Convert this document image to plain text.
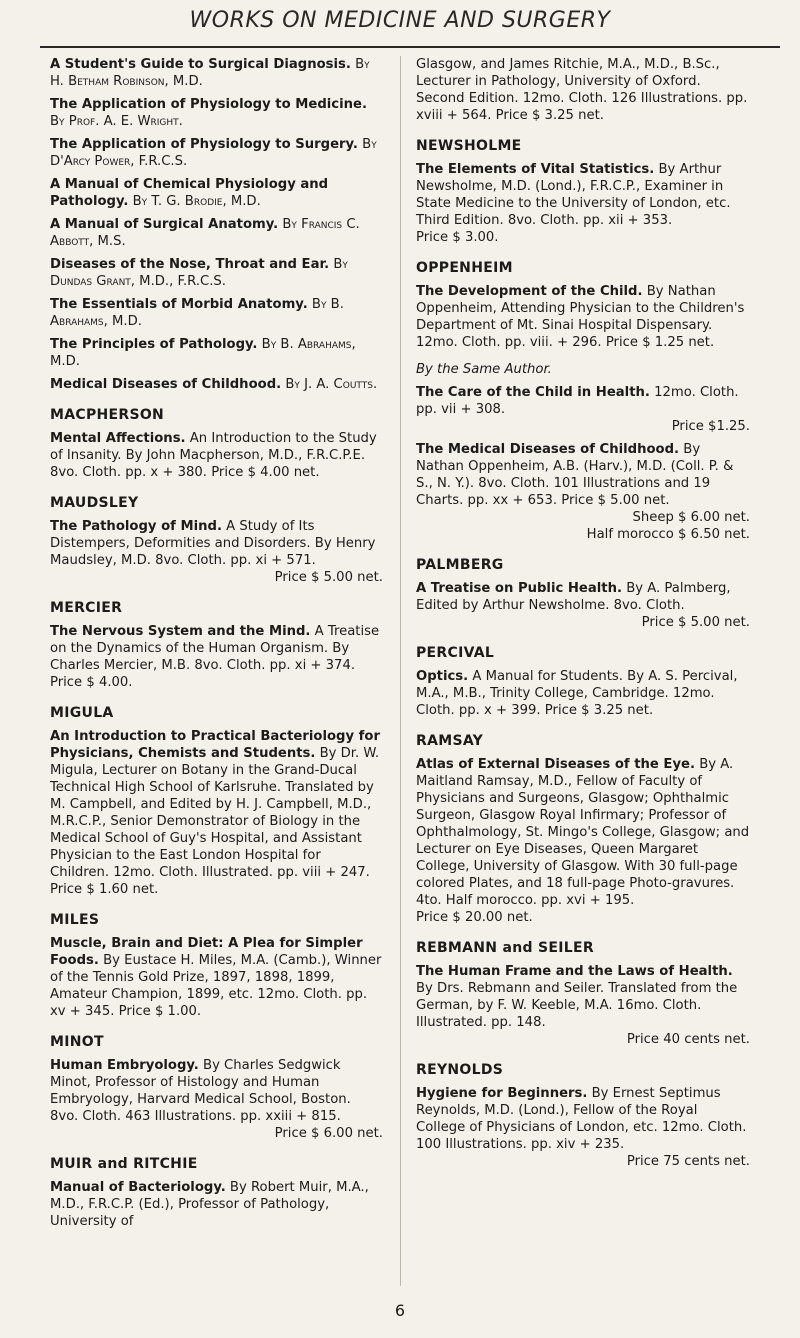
WORKS ON MEDICINE AND SURGERY
A Student's Guide to Surgical Diagnosis. By H. Betham Robinson, M.D.
The Application of Physiology to Medicine. By Prof. A. E. Wright.
The Application of Physiology to Surgery. By D'Arcy Power, F.R.C.S.
A Manual of Chemical Physiology and Pathology. By T. G. Brodie, M.D.
A Manual of Surgical Anatomy. By Francis C. Abbott, M.S.
Diseases of the Nose, Throat and Ear. By Dundas Grant, M.D., F.R.C.S.
The Essentials of Morbid Anatomy. By B. Abrahams, M.D.
The Principles of Pathology. By B. Abrahams, M.D.
Medical Diseases of Childhood. By J. A. Coutts.
MACPHERSON
Mental Affections. An Introduction to the Study of Insanity. By John Macpherson, M.D., F.R.C.P.E. 8vo. Cloth. pp. x + 380. Price $ 4.00 net.
MAUDSLEY
The Pathology of Mind. A Study of Its Distempers, Deformities and Disorders. By Henry Maudsley, M.D. 8vo. Cloth. pp. xi + 571.
Price $ 5.00 net.
MERCIER
The Nervous System and the Mind. A Treatise on the Dynamics of the Human Organism. By Charles Mercier, M.B. 8vo. Cloth. pp. xi + 374. Price $ 4.00.
MIGULA
An Introduction to Practical Bacteriology for Physicians, Chemists and Students. By Dr. W. Migula, Lecturer on Botany in the Grand-Ducal Technical High School of Karlsruhe. Translated by M. Campbell, and Edited by H. J. Campbell, M.D., M.R.C.P., Senior Demonstrator of Biology in the Medical School of Guy's Hospital, and Assistant Physician to the East London Hospital for Children. 12mo. Cloth. Illustrated. pp. viii + 247. Price $ 1.60 net.
MILES
Muscle, Brain and Diet: A Plea for Simpler Foods. By Eustace H. Miles, M.A. (Camb.), Winner of the Tennis Gold Prize, 1897, 1898, 1899, Amateur Champion, 1899, etc. 12mo. Cloth. pp. xv + 345. Price $ 1.00.
MINOT
Human Embryology. By Charles Sedgwick Minot, Professor of Histology and Human Embryology, Harvard Medical School, Boston. 8vo. Cloth. 463 Illustrations. pp. xxiii + 815.
Price $ 6.00 net.
MUIR and RITCHIE
Manual of Bacteriology. By Robert Muir, M.A., M.D., F.R.C.P. (Ed.), Professor of Pathology, University of
Glasgow, and James Ritchie, M.A., M.D., B.Sc., Lecturer in Pathology, University of Oxford. Second Edition. 12mo. Cloth. 126 Illustrations. pp. xviii + 564. Price $ 3.25 net.
NEWSHOLME
The Elements of Vital Statistics. By Arthur Newsholme, M.D. (Lond.), F.R.C.P., Examiner in State Medicine to the University of London, etc. Third Edition. 8vo. Cloth. pp. xii + 353. Price $ 3.00.
OPPENHEIM
The Development of the Child. By Nathan Oppenheim, Attending Physician to the Children's Department of Mt. Sinai Hospital Dispensary. 12mo. Cloth. pp. viii. + 296. Price $ 1.25 net.
By the Same Author.
The Care of the Child in Health. 12mo. Cloth. pp. vii + 308.
Price $1.25.
The Medical Diseases of Childhood. By Nathan Oppenheim, A.B. (Harv.), M.D. (Coll. P. & S., N. Y.). 8vo. Cloth. 101 Illustrations and 19 Charts. pp. xx + 653. Price $ 5.00 net.
Sheep $ 6.00 net.
Half morocco $ 6.50 net.
PALMBERG
A Treatise on Public Health. By A. Palmberg, Edited by Arthur Newsholme. 8vo. Cloth.
Price $ 5.00 net.
PERCIVAL
Optics. A Manual for Students. By A. S. Percival, M.A., M.B., Trinity College, Cambridge. 12mo. Cloth. pp. x + 399. Price $ 3.25 net.
RAMSAY
Atlas of External Diseases of the Eye. By A. Maitland Ramsay, M.D., Fellow of Faculty of Physicians and Surgeons, Glasgow; Ophthalmic Surgeon, Glasgow Royal Infirmary; Professor of Ophthalmology, St. Mingo's College, Glasgow; and Lecturer on Eye Diseases, Queen Margaret College, University of Glasgow. With 30 full-page colored Plates, and 18 full-page Photo-gravures. 4to. Half morocco. pp. xvi + 195. Price $ 20.00 net.
REBMANN and SEILER
The Human Frame and the Laws of Health. By Drs. Rebmann and Seiler. Translated from the German, by F. W. Keeble, M.A. 16mo. Cloth. Illustrated. pp. 148.
Price 40 cents net.
REYNOLDS
Hygiene for Beginners. By Ernest Septimus Reynolds, M.D. (Lond.), Fellow of the Royal College of Physicians of London, etc. 12mo. Cloth. 100 Illustrations. pp. xiv + 235.
Price 75 cents net.
6
